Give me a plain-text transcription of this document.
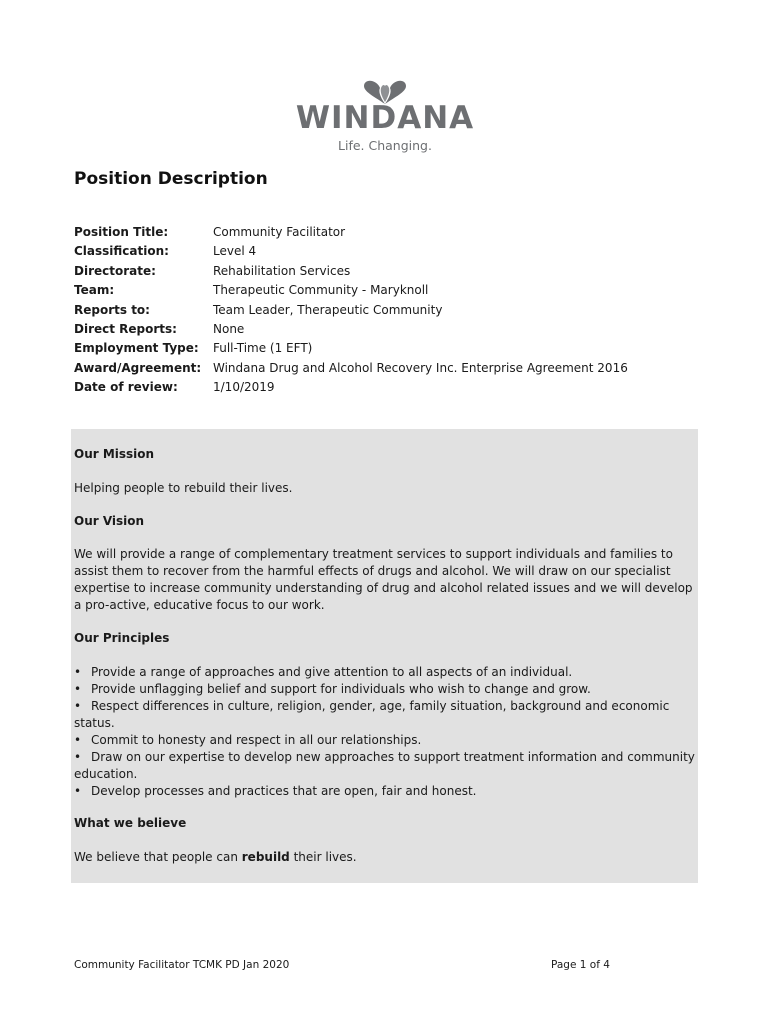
WINDANA
Life. Changing.
Position Description
Position Title:	Community Facilitator
Classification:	Level 4
Directorate:	Rehabilitation Services
Team:	Therapeutic Community - Maryknoll
Reports to:	Team Leader, Therapeutic Community
Direct Reports:	None
Employment Type:	Full-Time (1 EFT)
Award/Agreement: Windana Drug and Alcohol Recovery Inc. Enterprise Agreement 2016
Date of review:	1/10/2019
Our Mission
Helping people to rebuild their lives.
Our Vision
We will provide a range of complementary treatment services to support individuals and families to assist them to recover from the harmful effects of drugs and alcohol. We will draw on our specialist expertise to increase community understanding of drug and alcohol related issues and we will develop a pro-active, educative focus to our work.
Our Principles
• Provide a range of approaches and give attention to all aspects of an individual.
• Provide unflagging belief and support for individuals who wish to change and grow.
• Respect differences in culture, religion, gender, age, family situation, background and economic status.
• Commit to honesty and respect in all our relationships.
• Draw on our expertise to develop new approaches to support treatment information and community education.
• Develop processes and practices that are open, fair and honest.
What we believe
We believe that people can rebuild their lives.
Community Facilitator TCMK PD Jan 2020	Page 1 of 4
